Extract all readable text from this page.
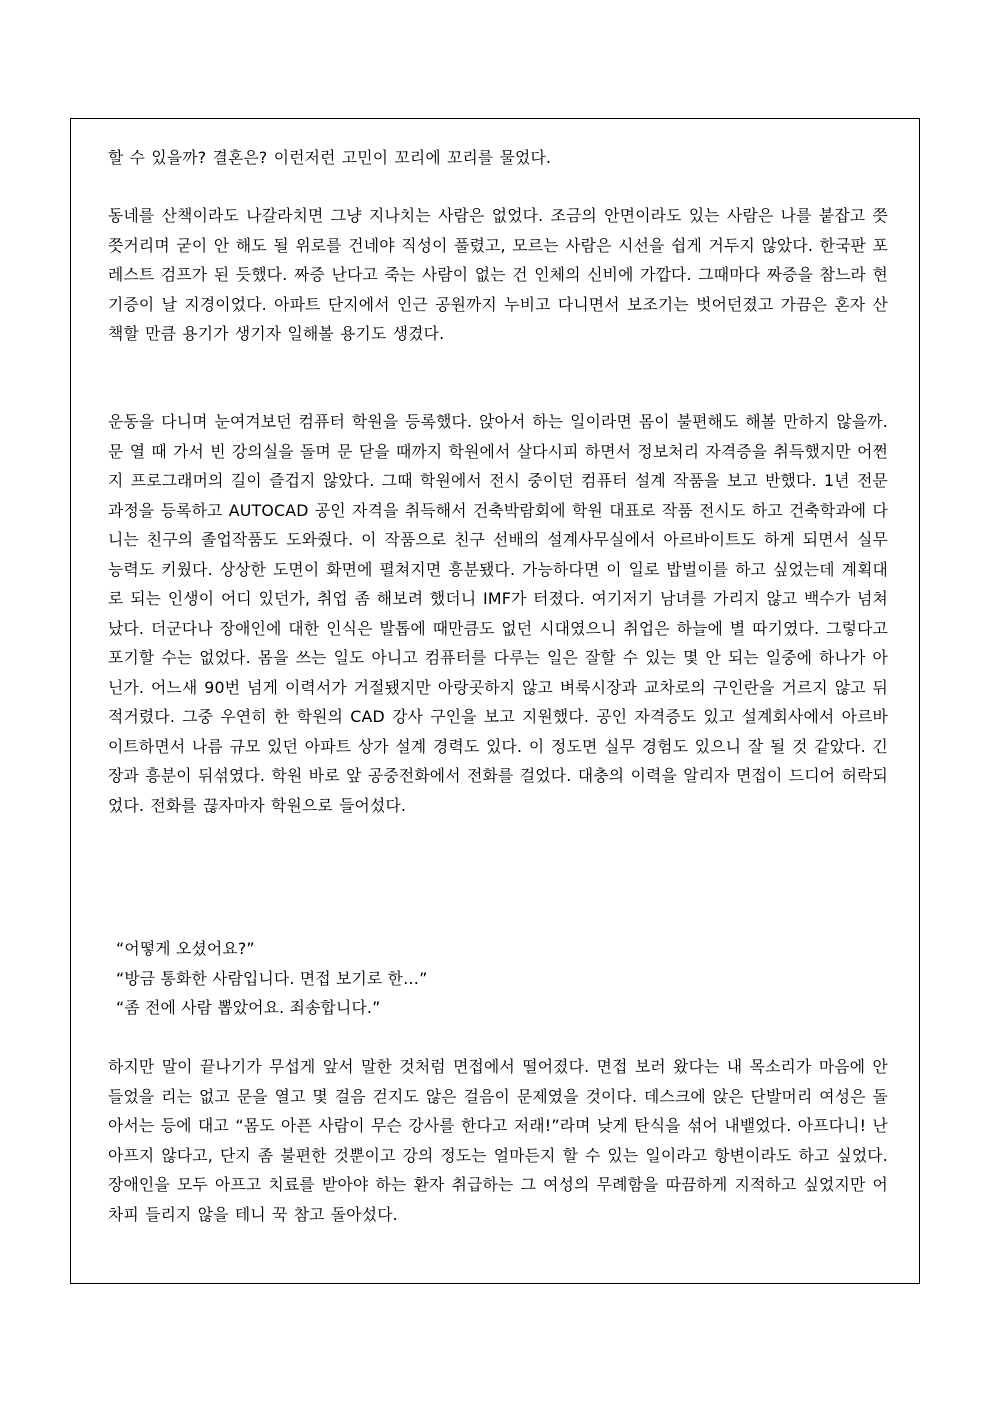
할 수 있을까? 결혼은? 이런저런 고민이 꼬리에 꼬리를 물었다.

동네를 산책이라도 나갈라치면 그냥 지나치는 사람은 없었다. 조금의 안면이라도 있는 사람은 나를 붙잡고 쯧쯧거리며 굳이 안 해도 될 위로를 건네야 직성이 풀렸고, 모르는 사람은 시선을 쉽게 거두지 않았다. 한국판 포레스트 검프가 된 듯했다. 짜증 난다고 죽는 사람이 없는 건 인체의 신비에 가깝다. 그때마다 짜증을 참느라 현기증이 날 지경이었다. 아파트 단지에서 인근 공원까지 누비고 다니면서 보조기는 벗어던졌고 가끔은 혼자 산책할 만큼 용기가 생기자 일해볼 용기도 생겼다.

운동을 다니며 눈여겨보던 컴퓨터 학원을 등록했다. 앉아서 하는 일이라면 몸이 불편해도 해볼 만하지 않을까. 문 열 때 가서 빈 강의실을 돌며 문 닫을 때까지 학원에서 살다시피 하면서 정보처리 자격증을 취득했지만 어쩐지 프로그래머의 길이 즐겁지 않았다. 그때 학원에서 전시 중이던 컴퓨터 설계 작품을 보고 반했다. 1년 전문 과정을 등록하고 AUTOCAD 공인 자격을 취득해서 건축박람회에 학원 대표로 작품 전시도 하고 건축학과에 다니는 친구의 졸업작품도 도와줬다. 이 작품으로 친구 선배의 설계사무실에서 아르바이트도 하게 되면서 실무 능력도 키웠다. 상상한 도면이 화면에 펼쳐지면 흥분됐다. 가능하다면 이 일로 밥벌이를 하고 싶었는데 계획대로 되는 인생이 어디 있던가, 취업 좀 해보려 했더니 IMF가 터졌다. 여기저기 남녀를 가리지 않고 백수가 넘쳐났다. 더군다나 장애인에 대한 인식은 발톱에 때만큼도 없던 시대였으니 취업은 하늘에 별 따기였다. 그렇다고 포기할 수는 없었다. 몸을 쓰는 일도 아니고 컴퓨터를 다루는 일은 잘할 수 있는 몇 안 되는 일중에 하나가 아닌가. 어느새 90번 넘게 이력서가 거절됐지만 아랑곳하지 않고 벼룩시장과 교차로의 구인란을 거르지 않고 뒤적거렸다. 그중 우연히 한 학원의 CAD 강사 구인을 보고 지원했다. 공인 자격증도 있고 설계회사에서 아르바이트하면서 나름 규모 있던 아파트 상가 설계 경력도 있다. 이 정도면 실무 경험도 있으니 잘 될 것 같았다. 긴장과 흥분이 뒤섞였다. 학원 바로 앞 공중전화에서 전화를 걸었다. 대충의 이력을 알리자 면접이 드디어 허락되었다. 전화를 끊자마자 학원으로 들어섰다.

“어떻게 오셨어요?”
“방금 통화한 사람입니다. 면접 보기로 한…”
“좀 전에 사람 뽑았어요. 죄송합니다.”

하지만 말이 끝나기가 무섭게 앞서 말한 것처럼 면접에서 떨어졌다. 면접 보러 왔다는 내 목소리가 마음에 안 들었을 리는 없고 문을 열고 몇 걸음 걷지도 않은 걸음이 문제였을 것이다. 데스크에 앉은 단발머리 여성은 돌아서는 등에 대고 “몸도 아픈 사람이 무슨 강사를 한다고 저래!”라며 낮게 탄식을 섞어 내뱉었다. 아프다니! 난 아프지 않다고, 단지 좀 불편한 것뿐이고 강의 정도는 얼마든지 할 수 있는 일이라고 항변이라도 하고 싶었다. 장애인을 모두 아프고 치료를 받아야 하는 환자 취급하는 그 여성의 무례함을 따끔하게 지적하고 싶었지만 어차피 들리지 않을 테니 꾹 참고 돌아섰다.
